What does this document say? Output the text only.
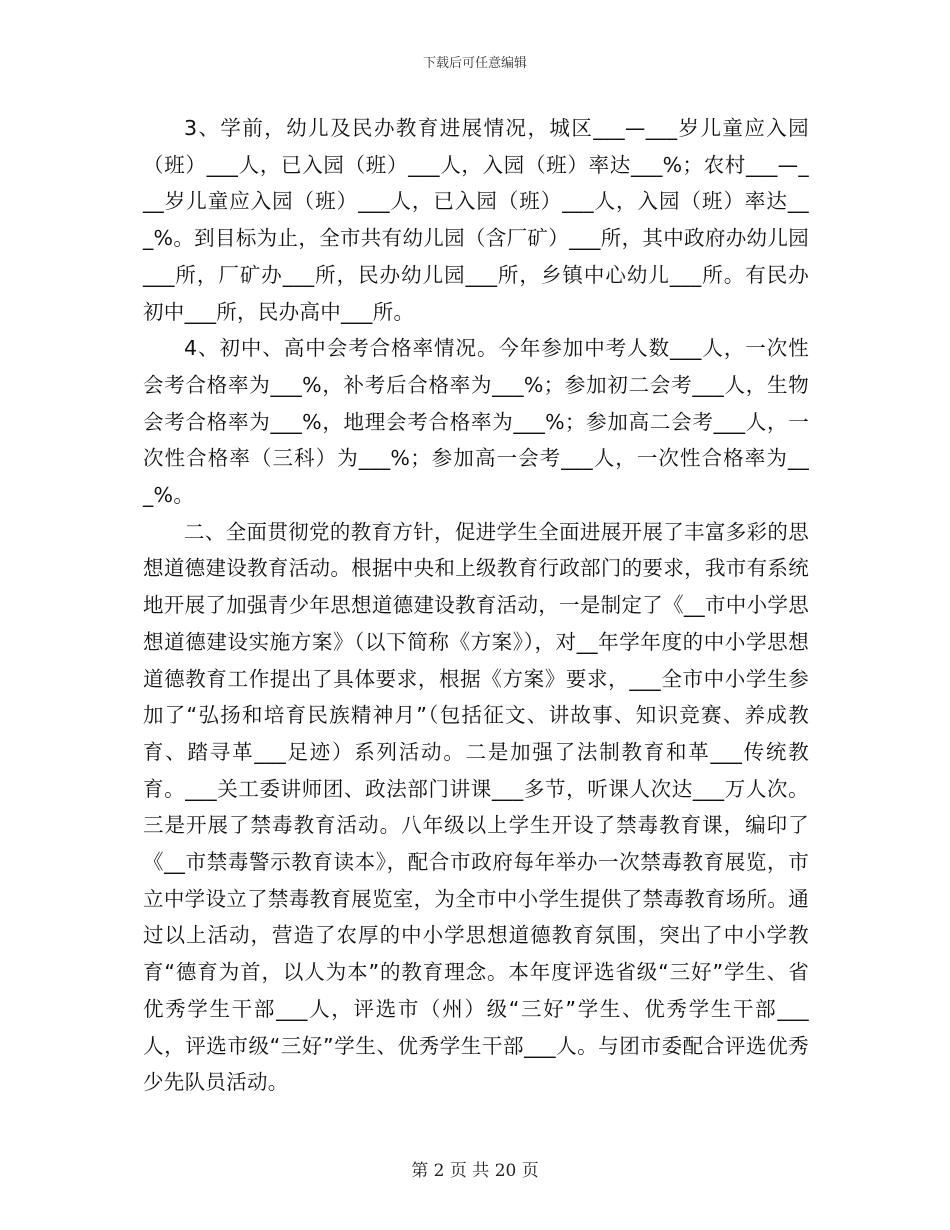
下载后可任意编辑

3、学前，幼儿及民办教育进展情况，城区___—___岁儿童应入园（班）___人，已入园（班）___人，入园（班）率达___%；农村___—___岁儿童应入园（班）___人，已入园（班）___人，入园（班）率达___%。到目标为止，全市共有幼儿园（含厂矿）___所，其中政府办幼儿园___所，厂矿办___所，民办幼儿园___所，乡镇中心幼儿___所。有民办初中___所，民办高中___所。

4、初中、高中会考合格率情况。今年参加中考人数___人，一次性会考合格率为___%，补考后合格率为___%；参加初二会考___人，生物会考合格率为___%，地理会考合格率为___%；参加高二会考___人，一次性合格率（三科）为___%；参加高一会考___人，一次性合格率为___%。

二、全面贯彻党的教育方针，促进学生全面进展开展了丰富多彩的思想道德建设教育活动。根据中央和上级教育行政部门的要求，我市有系统地开展了加强青少年思想道德建设教育活动，一是制定了《__市中小学思想道德建设实施方案》（以下简称《方案》），对__年学年度的中小学思想道德教育工作提出了具体要求，根据《方案》要求，___全市中小学生参加了“弘扬和培育民族精神月”（包括征文、讲故事、知识竞赛、养成教育、踏寻革___足迹）系列活动。二是加强了法制教育和革___传统教育。___关工委讲师团、政法部门讲课___多节，听课人次达___万人次。三是开展了禁毒教育活动。八年级以上学生开设了禁毒教育课，编印了《__市禁毒警示教育读本》，配合市政府每年举办一次禁毒教育展览，市立中学设立了禁毒教育展览室，为全市中小学生提供了禁毒教育场所。通过以上活动，营造了农厚的中小学思想道德教育氛围，突出了中小学教育“德育为首，以人为本”的教育理念。本年度评选省级“三好”学生、省优秀学生干部___人，评选市（州）级“三好”学生、优秀学生干部___人，评选市级“三好”学生、优秀学生干部___人。与团市委配合评选优秀少先队员活动。

第 2 页 共 20 页
